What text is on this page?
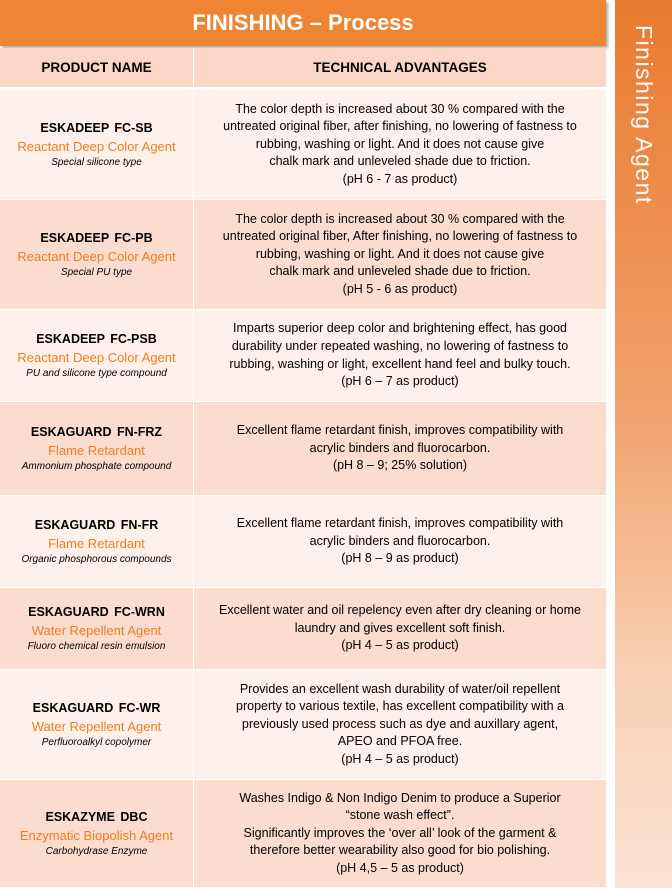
FINISHING – Process
PRODUCT NAME	TECHNICAL ADVANTAGES
ESKADEEP FC-SB
Reactant Deep Color Agent
Special silicone type
The color depth is increased about 30 % compared with the
untreated original fiber, after finishing, no lowering of fastness to
rubbing, washing or light. And it does not cause give
chalk mark and unleveled shade due to friction.
(pH 6 - 7 as product)
ESKADEEP FC-PB
Reactant Deep Color Agent
Special PU type
The color depth is increased about 30 % compared with the
untreated original fiber, After finishing, no lowering of fastness to
rubbing, washing or light. And it does not cause give
chalk mark and unleveled shade due to friction.
(pH 5 - 6 as product)
ESKADEEP FC-PSB
Reactant Deep Color Agent
PU and silicone type compound
Imparts superior deep color and brightening effect, has good
durability under repeated washing, no lowering of fastness to
rubbing, washing or light, excellent hand feel and bulky touch.
(pH 6 – 7 as product)
ESKAGUARD FN-FRZ
Flame Retardant
Ammonium phosphate compound
Excellent flame retardant finish, improves compatibility with
acrylic binders and fluorocarbon.
(pH 8 – 9; 25% solution)
ESKAGUARD FN-FR
Flame Retardant
Organic phosphorous compounds
Excellent flame retardant finish, improves compatibility with
acrylic binders and fluorocarbon.
(pH 8 – 9 as product)
ESKAGUARD FC-WRN
Water Repellent Agent
Fluoro chemical resin emulsion
Excellent water and oil repelency even after dry cleaning or home
laundry and gives excellent soft finish.
(pH 4 – 5 as product)
ESKAGUARD FC-WR
Water Repellent Agent
Perfluoroalkyl copolymer
Provides an excellent wash durability of water/oil repellent
property to various textile, has excellent compatibility with a
previously used process such as dye and auxillary agent,
APEO and PFOA free.
(pH 4 – 5 as product)
ESKAZYME DBC
Enzymatic Biopolish Agent
Carbohydrase Enzyme
Washes Indigo & Non Indigo Denim to produce a Superior
“stone wash effect”.
Significantly improves the ‘over all’ look of the garment &
therefore better wearability also good for bio polishing.
(pH 4,5 – 5 as product)
Finishing Agent
